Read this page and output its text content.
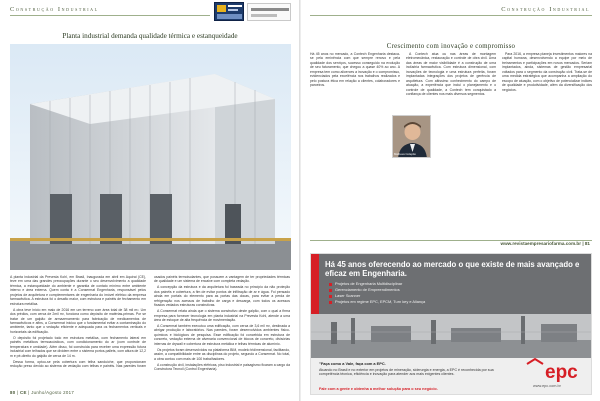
Construção Industrial
Planta industrial demanda qualidade térmica e estanqueidade

A planta industrial da Prevesta Kohl, em Brasil, Inaugurada em abril em Aquirai (CE), teve em uma das grandes preocupações durante o seu desenvolvimento a qualidade térmica, a estanqueidade do ambiente e garantia de contato mínimo entre ambiente interno e área externa. Quem conta é a Consermat Engenharia, responsável pelos projetos de arquitetura e complementares de engenharia do imóvel elétrico da empresa farmacêutica. A estrutura foi o desafio maior, com estrutura e painéis de fechamento em estrutura metálica.

A obra teve início em maio de 2016 em um terreno com área total de 38 mil m². Um dos prédios, com cerca de 2mil m², funciona como depósito de matérias-primas. Por se tratar de um galpão de armazenamento para fabricação de medicamentos de farmacêuticos e afins, a Consermat iniciou que o fundamental evitar a contaminação do ambiente, tanto que o vedação eficiente e adequada para os fechamentos verticais e horizontais da edificação.

O depósito foi projetado todo em estrutura metálica, com fechamento lateral em painéis metálicos termoacústicos, com condicionamento do ar (com controle de temperatura e umidade). Além disso, foi construída para receber uma expressão futura industrial com telhados que se dividem entre o sistema portos-pallets, com altura de 12,2 m e pé-direito do galpão de cerca de 14 m.

Dessa forma, optou-se pela cobertura com telha sanduíche, que proporcionam redução preso devido ao sistema de vedação com telhas e painéis. Nas paredes foram usados painéis termoisolantes, que possuem a vantagem de ter propriedades térmicas de qualidade e um sistema de encaixe com completa vedação.

A concepção da estrutura e da arquitetura foi baseada no princípio da não proteção dos painéis e cobertura, a fim de evitar pontos de infiltração de ar e água. Foi pensado ainda em portais do elemento para as portas das docas, para evitar a perda de refrigeração nos acessos de trabalho de carga e descarga, com todos os acessos fixados vedados estruturas construtivas.

A Consermat relata ainda que o sistema construtivo deste galpão, com o qual a firma empresa para fornecer tecnologia em planta industrial na Prevesta Kohl, atende a uma área de estoque de alta frequência de movimentação.

A Consermat também executou uma edificação, com cerca de 3,6 mil m², destinada a abrigar produção e laboratórios. Nas paredes, foram desenvolvidos ambientes físico-químicos e biológicos de pesquisa. Esse edificação foi concebida em estrutura de concreto, vedação externa de alvenaria convencional de blocos de concreto, divisórias internas de drywall e cobertura de estrutura metálica e telhas térmicas de alumínio.

Os projetos foram desenvolvidos na plataforma BIM, modelo tridimensional, facilitando, assim, a compatibilidade entre as disciplinas do projeto, segundo a Consermat. No total, a obra contou com mais de 100 trabalhadores.

A construção civil, instalações elétricas, piso industrial e paisagismo ficaram a cargo da Construtora Tecnoil (Control Engenharia).

80 | CE | Junho/Agosto 2017
Construção Industrial
Crescimento com inovação e compromisso

Há 45 anos no mercado, a Contech Engenharia destaca-se pela eminência com que sempre renovo e pela qualidade dos serviços, sucesso conseguido na evolução de seu faturamento, que chegou a quase 40% ao ano. A empresa tem como alicerces a inovação e o compromisso, evidenciados pela excelência nos trabalhos realizados e pelo postura ética em relação a clientes, colaboradores e parceiros.

A Contech atua ou nas áreas de montagem eletromecânica, restauração e controle de obra civil. Uma das áreas de maior visibilidade é a construção de uma indústria farmacêutica. Com estrutura dimensional, com inovações de tecnologia e uma estrutura perfeita, foram implantadas integrações dos projetos de gerência de arquitetura. Com altíssimo conhecimento do campo de atuação, a experiência que inclui o planejamento e o controle de qualidade, a Contech tem conquistado a confiança de clientes nos mais diversos segmentos.

Para 2016, a empresa planeja investimentos maiores na capital humana, desenvolvendo a equipe por meio de treinamentos e participações em novos mercados. Seriam implantados, ainda, sistemas de gestão empresarial voltados para o segmento da construção civil. Trata-se de uma medida estratégica que acompanha a ampliação do escopo de atuação, com o objetivo de potencializar índices de qualidade e produtividade, além da diversificação dos negócios.

Matheus Coleptto
www.revistaempresariofarma.com.br | 81
Há 45 anos oferecendo ao mercado o que existe de mais avançado e eficaz em Engenharia.
Projetos de Engenharia Multidisciplinar
Gerenciamento de Empreendimentos
Laser Scanner
Projetos em regime EPC, EPCM, Turn key e Aliança
"Faça como a Vale, faça com a EPC.
Atuando no Brasil e no exterior em projetos de mineração, siderurgia e energia, a EPC é reconhecida por sua competência técnica, eficiência e inovação para atender aos mais exigentes clientes.
Fale com a gente e obtenha a melhor solução para o seu negócio.
epc
www.epc.com.br
